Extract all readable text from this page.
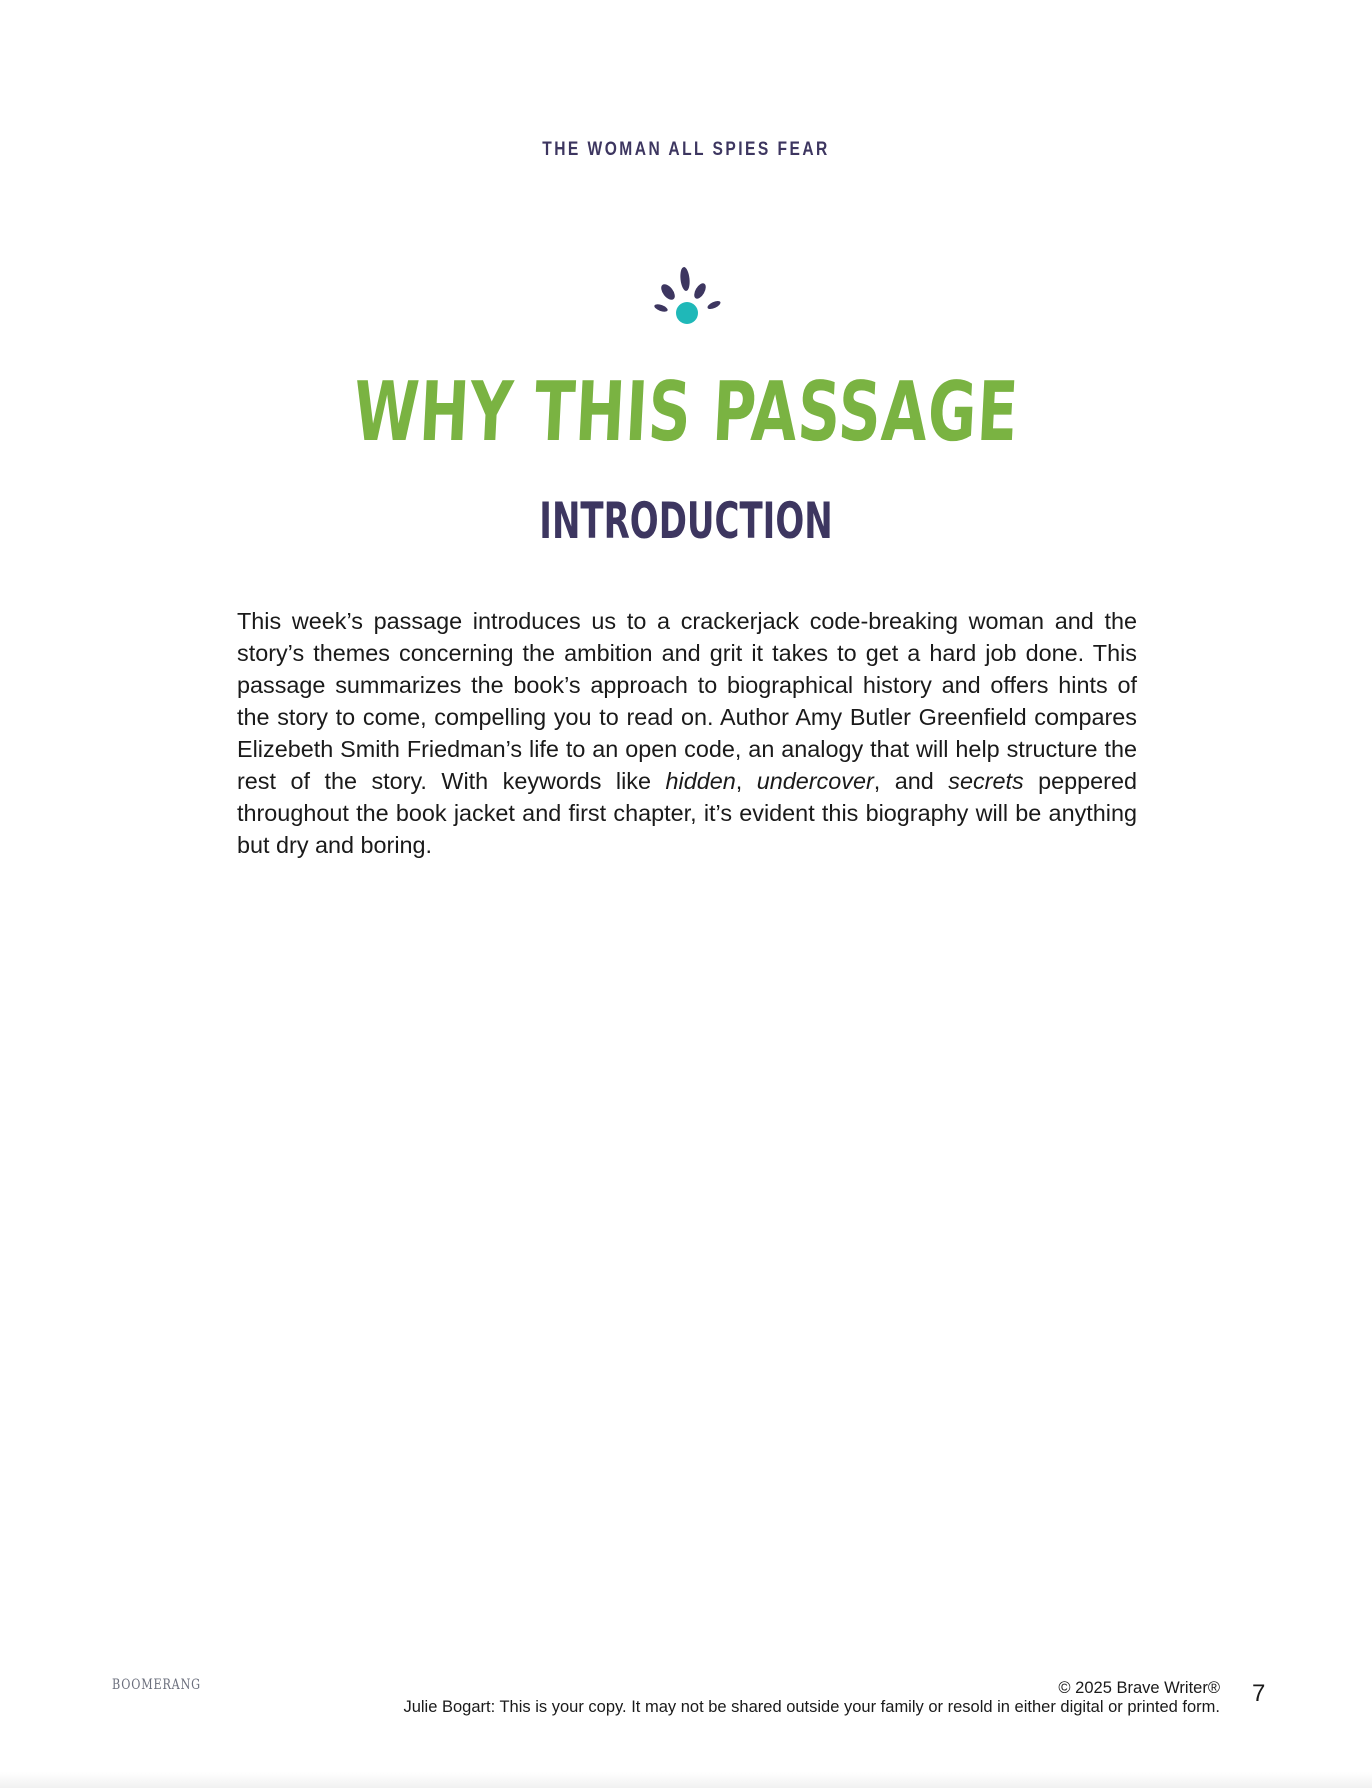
THE WOMAN ALL SPIES FEAR
WHY THIS PASSAGE
INTRODUCTION
This week’s passage introduces us to a crackerjack code-breaking woman and the story’s themes concerning the ambition and grit it takes to get a hard job done. This passage summarizes the book’s approach to biographical history and offers hints of the story to come, compelling you to read on. Author Amy Butler Greenfield compares Elizebeth Smith Friedman’s life to an open code, an analogy that will help structure the rest of the story. With keywords like hidden, undercover, and secrets peppered throughout the book jacket and first chapter, it’s evident this biography will be anything but dry and boring.
BOOMERANG	© 2025 Brave Writer®
Julie Bogart: This is your copy. It may not be shared outside your family or resold in either digital or printed form. 7
